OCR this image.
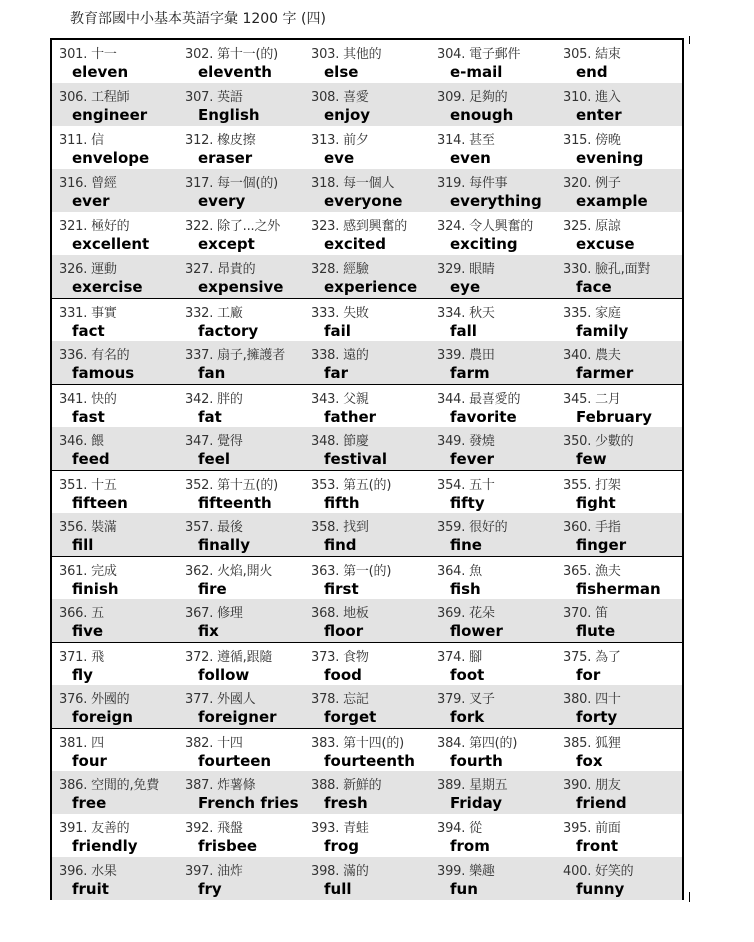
教育部國中小基本英語字彙 1200 字 (四)
301. 十一
eleven
302. 第十一(的)
eleventh
303. 其他的
else
304. 電子郵件
e-mail
305. 結束
end
306. 工程師
engineer
307. 英語
English
308. 喜愛
enjoy
309. 足夠的
enough
310. 進入
enter
311. 信
envelope
312. 橡皮擦
eraser
313. 前夕
eve
314. 甚至
even
315. 傍晚
evening
316. 曾經
ever
317. 每一個(的)
every
318. 每一個人
everyone
319. 每件事
everything
320. 例子
example
321. 極好的
excellent
322. 除了...之外
except
323. 感到興奮的
excited
324. 令人興奮的
exciting
325. 原諒
excuse
326. 運動
exercise
327. 昂貴的
expensive
328. 經驗
experience
329. 眼睛
eye
330. 臉孔,面對
face
331. 事實
fact
332. 工廠
factory
333. 失敗
fail
334. 秋天
fall
335. 家庭
family
336. 有名的
famous
337. 扇子,擁護者
fan
338. 遠的
far
339. 農田
farm
340. 農夫
farmer
341. 快的
fast
342. 胖的
fat
343. 父親
father
344. 最喜愛的
favorite
345. 二月
February
346. 餵
feed
347. 覺得
feel
348. 節慶
festival
349. 發燒
fever
350. 少數的
few
351. 十五
fifteen
352. 第十五(的)
fifteenth
353. 第五(的)
fifth
354. 五十
fifty
355. 打架
fight
356. 裝滿
fill
357. 最後
finally
358. 找到
find
359. 很好的
fine
360. 手指
finger
361. 完成
finish
362. 火焰,開火
fire
363. 第一(的)
first
364. 魚
fish
365. 漁夫
fisherman
366. 五
five
367. 修理
fix
368. 地板
floor
369. 花朵
flower
370. 笛
flute
371. 飛
fly
372. 遵循,跟隨
follow
373. 食物
food
374. 腳
foot
375. 為了
for
376. 外國的
foreign
377. 外國人
foreigner
378. 忘記
forget
379. 叉子
fork
380. 四十
forty
381. 四
four
382. 十四
fourteen
383. 第十四(的)
fourteenth
384. 第四(的)
fourth
385. 狐狸
fox
386. 空閒的,免費
free
387. 炸薯條
French fries
388. 新鮮的
fresh
389. 星期五
Friday
390. 朋友
friend
391. 友善的
friendly
392. 飛盤
frisbee
393. 青蛙
frog
394. 從
from
395. 前面
front
396. 水果
fruit
397. 油炸
fry
398. 滿的
full
399. 樂趣
fun
400. 好笑的
funny
